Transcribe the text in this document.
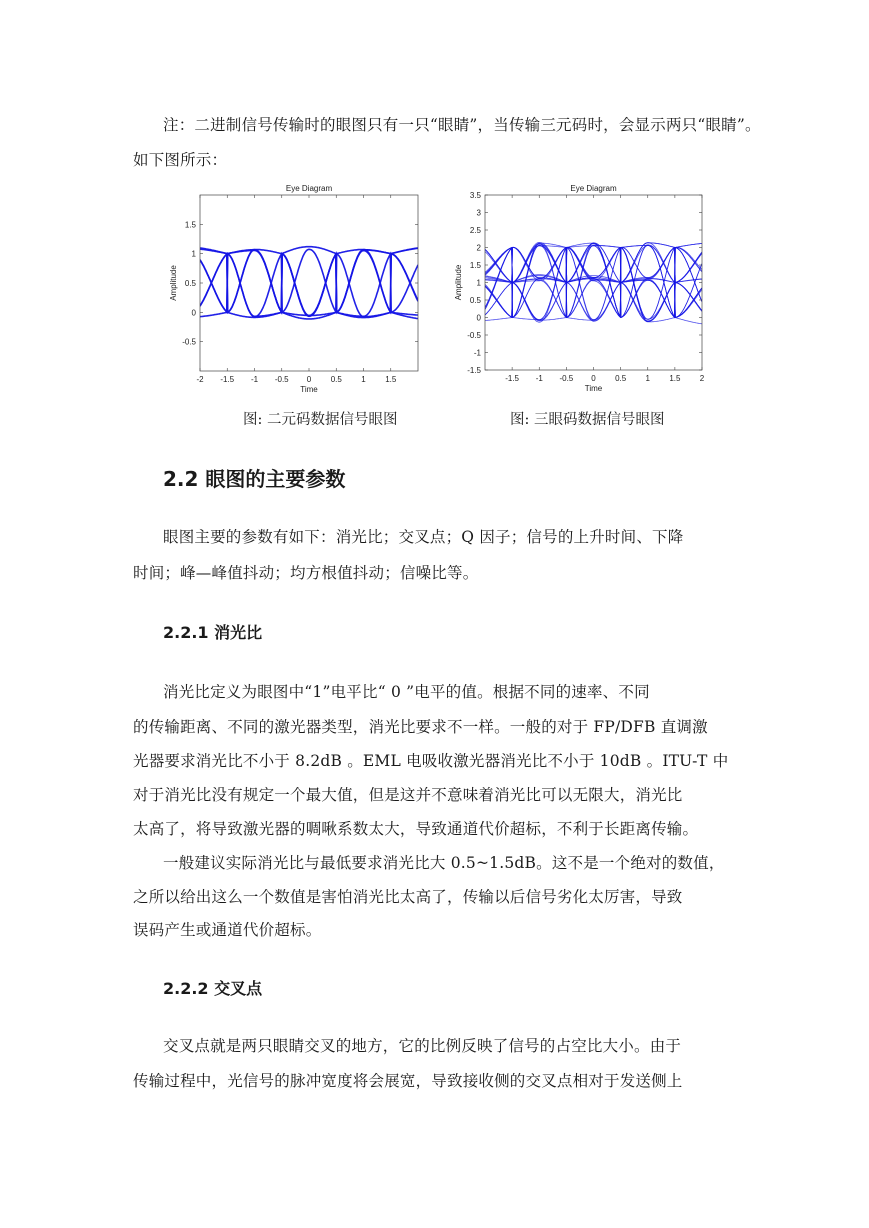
注：二进制信号传输时的眼图只有一只“眼睛”，当传输三元码时，会显示两只“眼睛”。

如下图所示：

Eye Diagram
1.5
1
0.5
0
-0.5
-2 -1.5 -1 -0.5 0 0.5 1 1.5
Time
Amplitude
Eye Diagram
3.5
3
2.5
2
1.5
1
0.5
0
-0.5
-1
-1.5
-1.5 -1 -0.5 0 0.5 1 1.5 2
Time
Amplitude

图: 二元码数据信号眼图	图: 三眼码数据信号眼图

2.2 眼图的主要参数

眼图主要的参数有如下：消光比；交叉点；Q 因子；信号的上升时间、下降

时间；峰—峰值抖动；均方根值抖动；信噪比等。

2.2.1 消光比

消光比定义为眼图中“1”电平比“ 0 ”电平的值。根据不同的速率、不同

的传输距离、不同的激光器类型，消光比要求不一样。一般的对于 FP/DFB 直调激

光器要求消光比不小于 8.2dB 。EML 电吸收激光器消光比不小于 10dB 。ITU-T 中

对于消光比没有规定一个最大值，但是这并不意味着消光比可以无限大，消光比

太高了，将导致激光器的啁啾系数太大，导致通道代价超标，不利于长距离传输。

一般建议实际消光比与最低要求消光比大 0.5~1.5dB。这不是一个绝对的数值，

之所以给出这么一个数值是害怕消光比太高了，传输以后信号劣化太厉害，导致

误码产生或通道代价超标。

2.2.2 交叉点

交叉点就是两只眼睛交叉的地方，它的比例反映了信号的占空比大小。由于

传输过程中，光信号的脉冲宽度将会展宽，导致接收侧的交叉点相对于发送侧上
